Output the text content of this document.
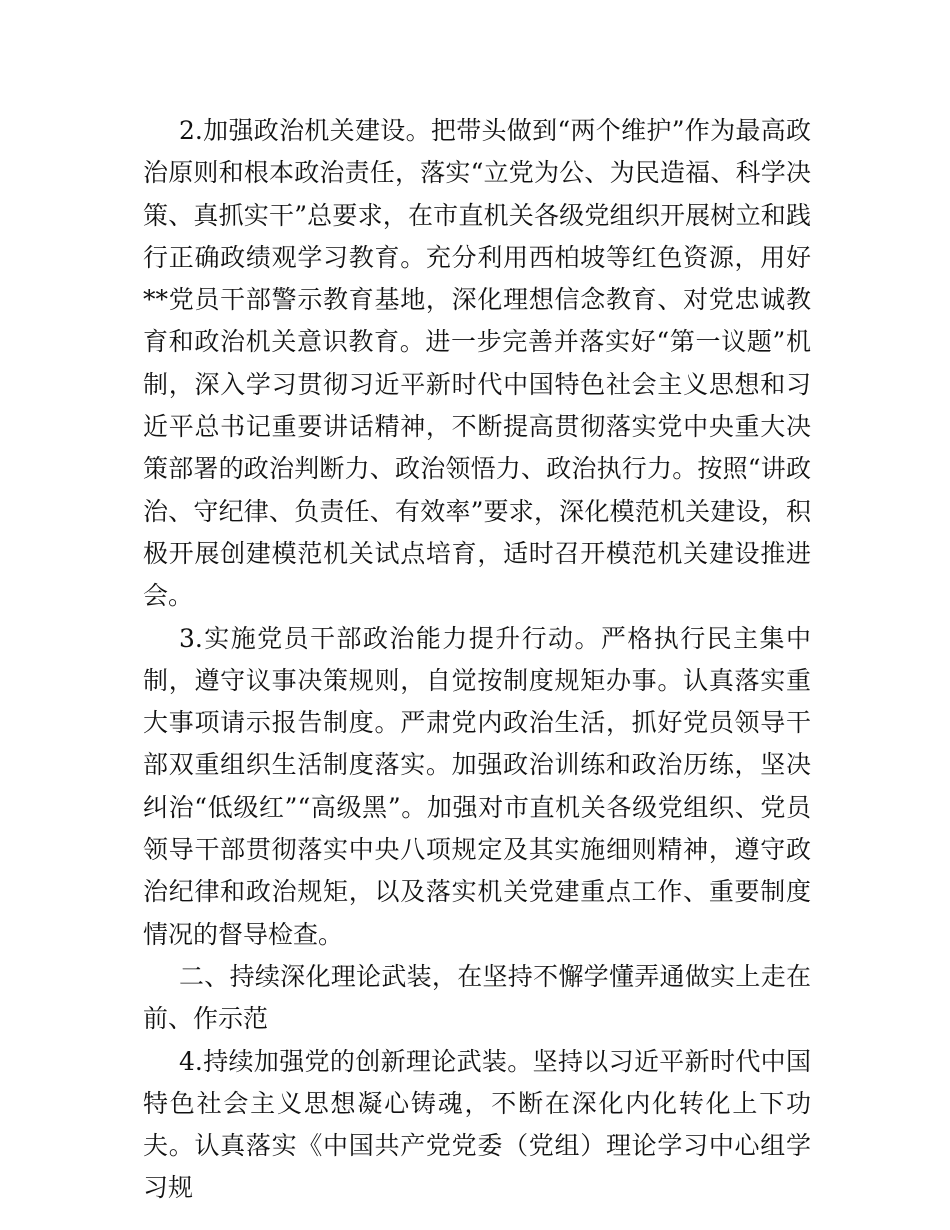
2.加强政治机关建设。把带头做到“两个维护”作为最高政治原则和根本政治责任，落实“立党为公、为民造福、科学决策、真抓实干”总要求，在市直机关各级党组织开展树立和践行正确政绩观学习教育。充分利用西柏坡等红色资源，用好**党员干部警示教育基地，深化理想信念教育、对党忠诚教育和政治机关意识教育。进一步完善并落实好“第一议题”机制，深入学习贯彻习近平新时代中国特色社会主义思想和习近平总书记重要讲话精神，不断提高贯彻落实党中央重大决策部署的政治判断力、政治领悟力、政治执行力。按照“讲政治、守纪律、负责任、有效率”要求，深化模范机关建设，积极开展创建模范机关试点培育，适时召开模范机关建设推进会。

3.实施党员干部政治能力提升行动。严格执行民主集中制，遵守议事决策规则，自觉按制度规矩办事。认真落实重大事项请示报告制度。严肃党内政治生活，抓好党员领导干部双重组织生活制度落实。加强政治训练和政治历练，坚决纠治“低级红”“高级黑”。加强对市直机关各级党组织、党员领导干部贯彻落实中央八项规定及其实施细则精神，遵守政治纪律和政治规矩，以及落实机关党建重点工作、重要制度情况的督导检查。

二、持续深化理论武装，在坚持不懈学懂弄通做实上走在前、作示范

4.持续加强党的创新理论武装。坚持以习近平新时代中国特色社会主义思想凝心铸魂，不断在深化内化转化上下功夫。认真落实《中国共产党党委（党组）理论学习中心组学习规
